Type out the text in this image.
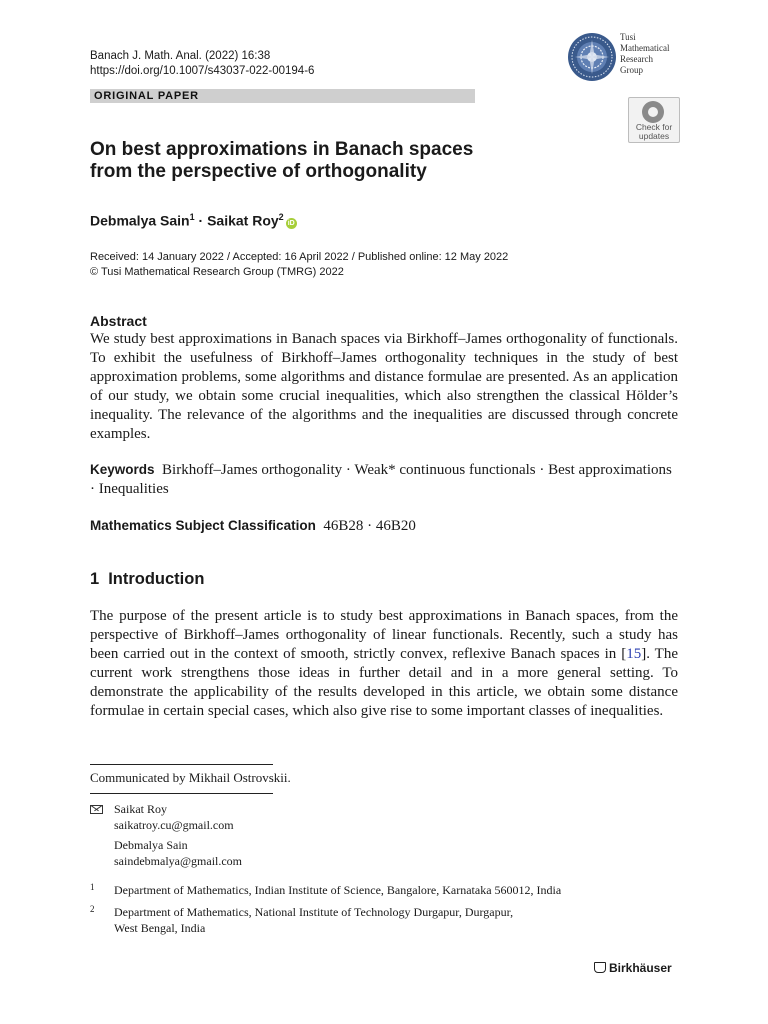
Banach J. Math. Anal. (2022) 16:38
https://doi.org/10.1007/s43037-022-00194-6
Tusi
Mathematical
Research
Group
ORIGINAL PAPER
Check for
updates
On best approximations in Banach spaces
from the perspective of orthogonality
Debmalya Sain$^1$ · Saikat Roy$^2$iD
Received: 14 January 2022 / Accepted: 16 April 2022 / Published online: 12 May 2022
© Tusi Mathematical Research Group (TMRG) 2022
Abstract

We study best approximations in Banach spaces via Birkhoff–James orthogonality of functionals. To exhibit the usefulness of Birkhoff–James orthogonality techniques in the study of best approximation problems, some algorithms and distance formulae are presented. As an application of our study, we obtain some crucial inequalities, which also strengthen the classical Hölder’s inequality. The relevance of the algorithms and the inequalities are discussed through concrete examples.

Keywords Birkhoff–James orthogonality · Weak* continuous functionals · Best approximations · Inequalities
Mathematics Subject Classification 46B28 · 46B20
1 Introduction

The purpose of the present article is to study best approximations in Banach spaces, from the perspective of Birkhoff–James orthogonality of linear functionals. Recently, such a study has been carried out in the context of smooth, strictly convex, reflexive Banach spaces in [15]. The current work strengthens those ideas in further detail and in a more general setting. To demonstrate the applicability of the results developed in this article, we obtain some distance formulae in certain special cases, which also give rise to some important classes of inequalities.

Communicated by Mikhail Ostrovskii.
Saikat Roy
saikatroy.cu@gmail.com
Debmalya Sain
saindebmalya@gmail.com
1 Department of Mathematics, Indian Institute of Science, Bangalore, Karnataka 560012, India
2 Department of Mathematics, National Institute of Technology Durgapur, Durgapur,
West Bengal, India
Birkhäuser
